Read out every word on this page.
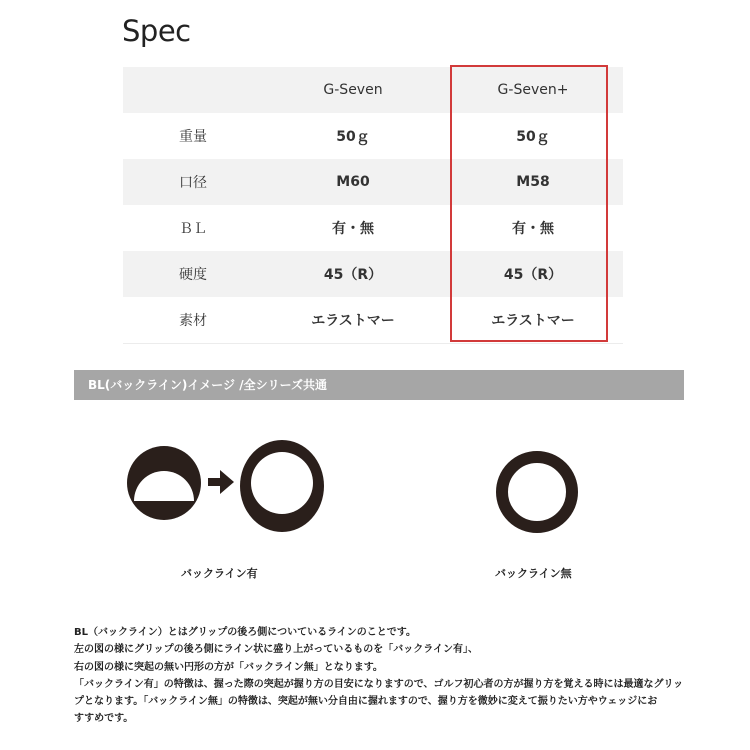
Spec
	G-Seven	G-Seven+
重量	50ｇ	50ｇ
口径	M60	M58
ＢＬ	有・無	有・無
硬度	45（R）	45（R）
素材	エラストマー	エラストマー
BL(バックライン)イメージ /全シリーズ共通
バックライン有	バックライン無

BL（バックライン）とはグリップの後ろ側についているラインのことです。

左の図の様にグリップの後ろ側にライン状に盛り上がっているものを「バックライン有」、

右の図の様に突起の無い円形の方が「バックライン無」となります。

「バックライン有」の特徴は、握った際の突起が握り方の目安になりますので、ゴルフ初心者の方が握り方を覚える時には最適なグリッ

プとなります。「バックライン無」の特徴は、突起が無い分自由に握れますので、握り方を微妙に変えて振りたい方やウェッジにお

すすめです。
